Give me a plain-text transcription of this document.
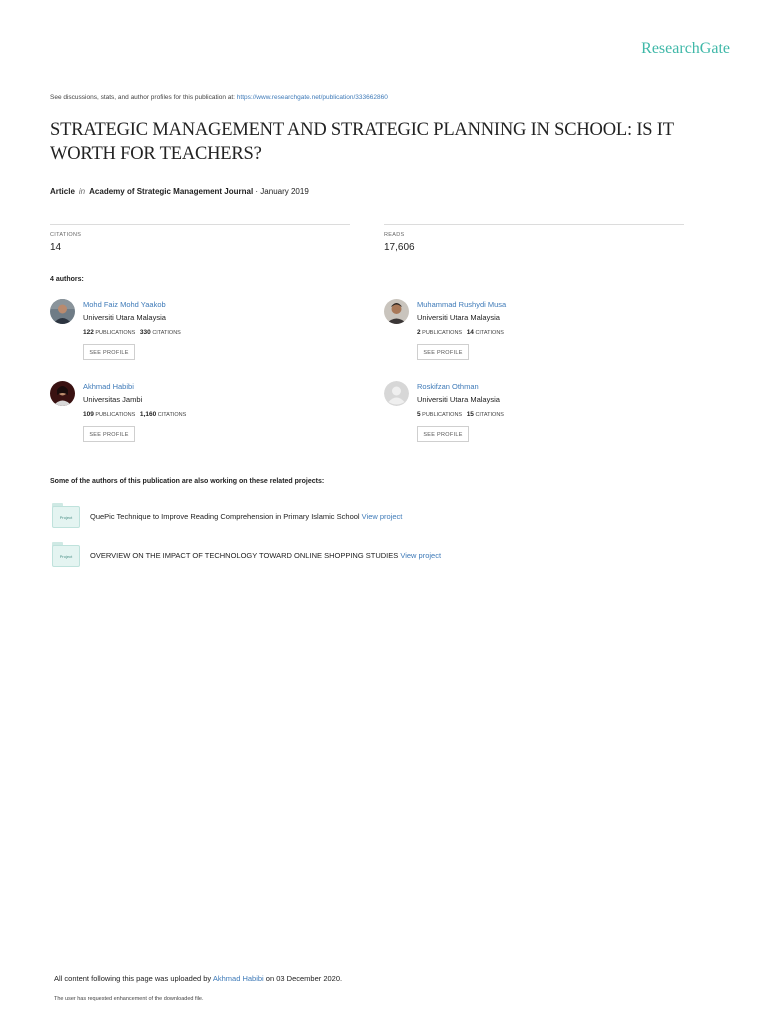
ResearchGate
See discussions, stats, and author profiles for this publication at: https://www.researchgate.net/publication/333662860
STRATEGIC MANAGEMENT AND STRATEGIC PLANNING IN SCHOOL: IS IT WORTH FOR TEACHERS?
Article in Academy of Strategic Management Journal · January 2019
CITATIONS
14
READS
17,606
4 authors:
Mohd Faiz Mohd Yaakob
Universiti Utara Malaysia
122 PUBLICATIONS 330 CITATIONS
SEE PROFILE
Muhammad Rushydi Musa
Universiti Utara Malaysia
2 PUBLICATIONS 14 CITATIONS
SEE PROFILE
Akhmad Habibi
Universitas Jambi
109 PUBLICATIONS 1,160 CITATIONS
SEE PROFILE
Roskifzan Othman
Universiti Utara Malaysia
5 PUBLICATIONS 15 CITATIONS
SEE PROFILE
Some of the authors of this publication are also working on these related projects:
Project	QuePic Technique to Improve Reading Comprehension in Primary Islamic School View project
Project	OVERVIEW ON THE IMPACT OF TECHNOLOGY TOWARD ONLINE SHOPPING STUDIES View project
All content following this page was uploaded by Akhmad Habibi on 03 December 2020.
The user has requested enhancement of the downloaded file.
